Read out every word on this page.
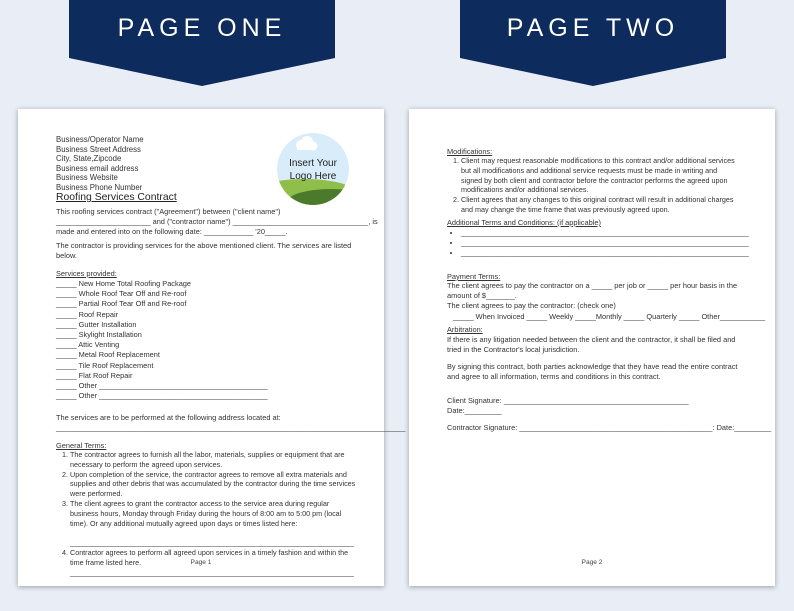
PAGE ONE	PAGE TWO
Business/Operator Name
Business Street Address
City, State,Zipcode
Business email address
Business Website
Business Phone Number
Insert Your
Logo Here
Roofing Services Contract
This roofing services contract ("Agreement") between ("client name")
_______________________ and ("contractor name") _________________________________, is
made and entered into on the following date: ____________ '20_____.
The contractor is providing services for the above mentioned client. The services are listed
below.
Services provided:
_____ New Home Total Roofing Package
_____ Whole Roof Tear Off and Re-roof
_____ Partial Roof Tear Off and Re-roof
_____ Roof Repair
_____ Gutter Installation
_____ Skylight Installation
_____ Attic Venting
_____ Metal Roof Replacement
_____ Tile Roof Replacement
_____ Flat Roof Repair
_____ Other _________________________________________
_____ Other _________________________________________
The services are to be performed at the following address located at:
_____________________________________________________________________________________
General Terms:
1. The contractor agrees to furnish all the labor, materials, supplies or equipment that are necessary to perform the agreed upon services.
2. Upon completion of the service, the contractor agrees to remove all extra materials and supplies and other debris that was accumulated by the contractor during the time services were performed.
3. The client agrees to grant the contractor access to the service area during regular business hours, Monday through Friday during the hours of 8:00 am to 5:00 pm (local time). Or any additional mutually agreed upon days or times listed here:

_______________________________________________________________________
4. Contractor agrees to perform all agreed upon services in a timely fashion and within the time frame listed here.
_______________________________________________________________________
Page 1
Modifications:
1. Client may request reasonable modifications to this contract and/or additional services but all modifications and additional service requests must be made in writing and signed by both client and contractor before the contractor performs the agreed upon modifications and/or additional services.
2. Client agrees that any changes to this original contract will result in additional charges and may change the time frame that was previously agreed upon.
Additional Terms and Conditions: (if applicable)
• ______________________________________________________________________
• ______________________________________________________________________
• ______________________________________________________________________
Payment Terms:
The client agrees to pay the contractor on a _____ per job or _____ per hour basis in the
amount of $_______.
The client agrees to pay the contractor: (check one)
_____ When Invoiced _____ Weekly _____Monthly _____ Quarterly _____ Other___________
Arbitration:
If there is any litigation needed between the client and the contractor, it shall be filed and
tried in the Contractor's local jurisdiction.
By signing this contract, both parties acknowledge that they have read the entire contract
and agree to all information, terms and conditions in this contract.
Client Signature: _____________________________________________
Date:_________
Contractor Signature: _______________________________________________: Date:_________
Page 2
